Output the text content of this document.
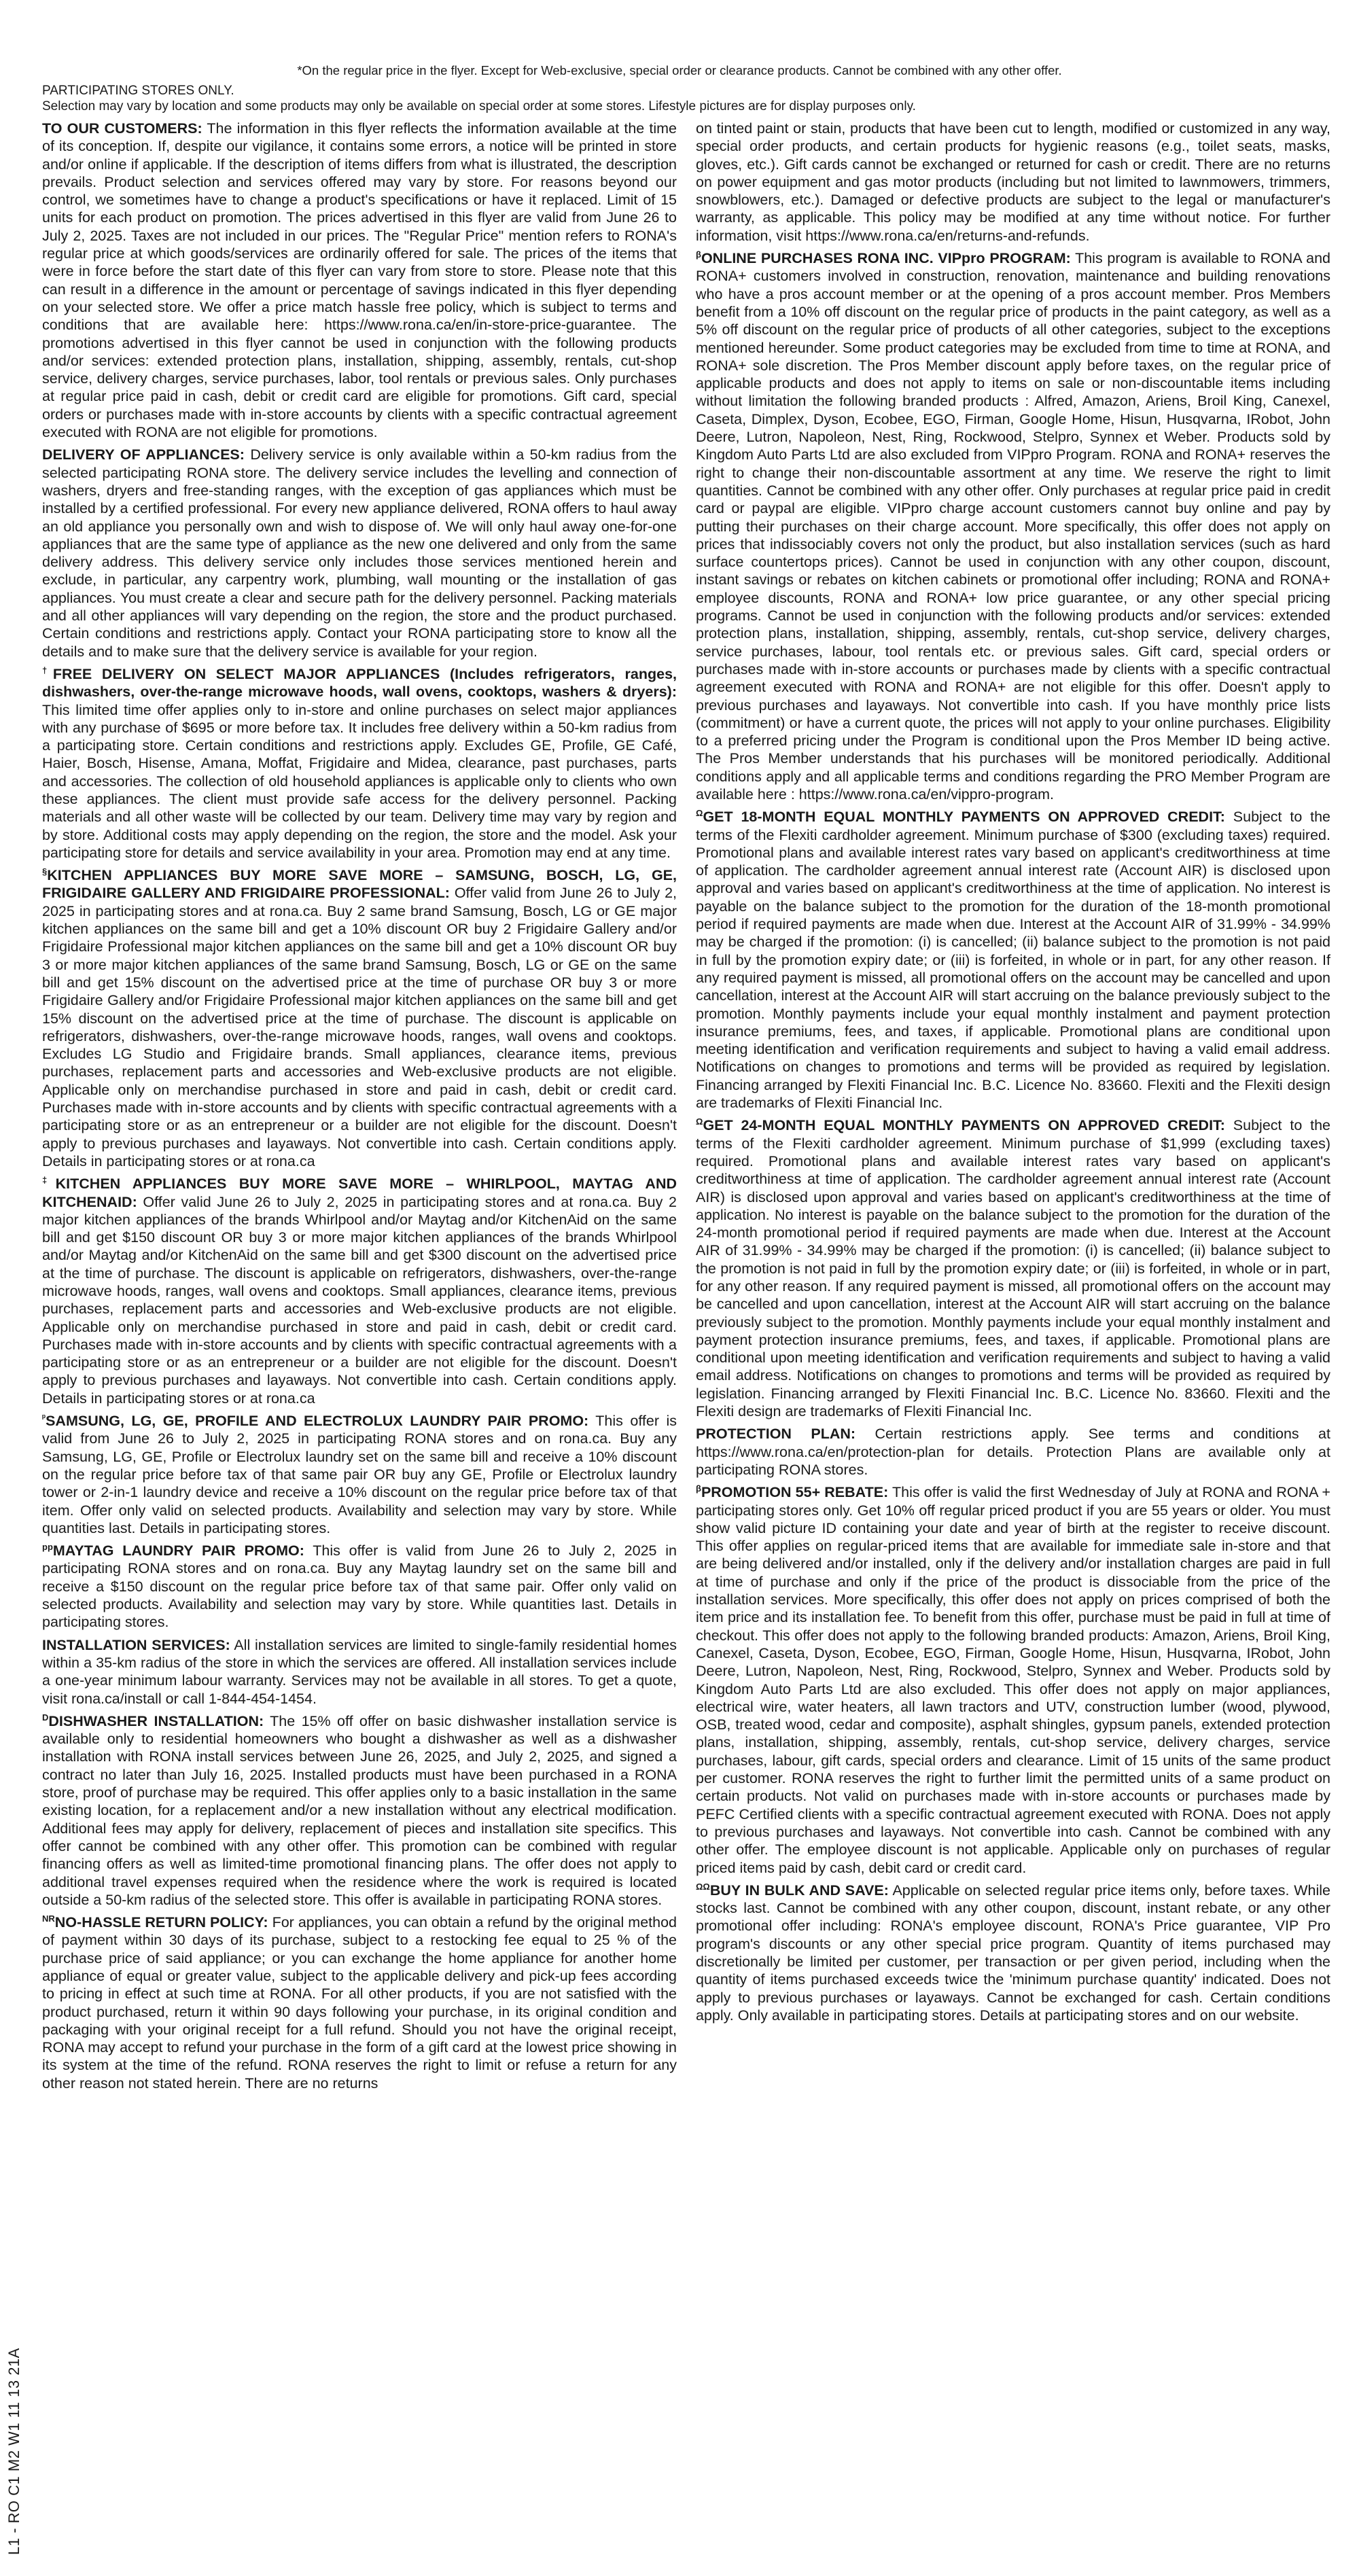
*On the regular price in the flyer. Except for Web-exclusive, special order or clearance products. Cannot be combined with any other offer.

PARTICIPATING STORES ONLY.

Selection may vary by location and some products may only be available on special order at some stores. Lifestyle pictures are for display purposes only.

TO OUR CUSTOMERS: The information in this flyer reflects the information available at the time of its conception. If, despite our vigilance, it contains some errors, a notice will be printed in store and/or online if applicable. If the description of items differs from what is illustrated, the description prevails. Product selection and services offered may vary by store. For reasons beyond our control, we sometimes have to change a product's specifications or have it replaced. Limit of 15 units for each product on promotion. The prices advertised in this flyer are valid from June 26 to July 2, 2025. Taxes are not included in our prices. The "Regular Price" mention refers to RONA's regular price at which goods/services are ordinarily offered for sale. The prices of the items that were in force before the start date of this flyer can vary from store to store. Please note that this can result in a difference in the amount or percentage of savings indicated in this flyer depending on your selected store. We offer a price match hassle free policy, which is subject to terms and conditions that are available here: https://www.rona.ca/en/in-store-price-guarantee. The promotions advertised in this flyer cannot be used in conjunction with the following products and/or services: extended protection plans, installation, shipping, assembly, rentals, cut-shop service, delivery charges, service purchases, labor, tool rentals or previous sales. Only purchases at regular price paid in cash, debit or credit card are eligible for promotions. Gift card, special orders or purchases made with in-store accounts by clients with a specific contractual agreement executed with RONA are not eligible for promotions.

DELIVERY OF APPLIANCES: Delivery service is only available within a 50-km radius from the selected participating RONA store. The delivery service includes the levelling and connection of washers, dryers and free-standing ranges, with the exception of gas appliances which must be installed by a certified professional. For every new appliance delivered, RONA offers to haul away an old appliance you personally own and wish to dispose of. We will only haul away one-for-one appliances that are the same type of appliance as the new one delivered and only from the same delivery address. This delivery service only includes those services mentioned herein and exclude, in particular, any carpentry work, plumbing, wall mounting or the installation of gas appliances. You must create a clear and secure path for the delivery personnel. Packing materials and all other appliances will vary depending on the region, the store and the product purchased. Certain conditions and restrictions apply. Contact your RONA participating store to know all the details and to make sure that the delivery service is available for your region.

†FREE DELIVERY ON SELECT MAJOR APPLIANCES (Includes refrigerators, ranges, dishwashers, over-the-range microwave hoods, wall ovens, cooktops, washers & dryers): This limited time offer applies only to in-store and online purchases on select major appliances with any purchase of $695 or more before tax. It includes free delivery within a 50-km radius from a participating store. Certain conditions and restrictions apply. Excludes GE, Profile, GE Café, Haier, Bosch, Hisense, Amana, Moffat, Frigidaire and Midea, clearance, past purchases, parts and accessories. The collection of old household appliances is applicable only to clients who own these appliances. The client must provide safe access for the delivery personnel. Packing materials and all other waste will be collected by our team. Delivery time may vary by region and by store. Additional costs may apply depending on the region, the store and the model. Ask your participating store for details and service availability in your area. Promotion may end at any time.

§KITCHEN APPLIANCES BUY MORE SAVE MORE – SAMSUNG, BOSCH, LG, GE, FRIGIDAIRE GALLERY AND FRIGIDAIRE PROFESSIONAL: Offer valid from June 26 to July 2, 2025 in participating stores and at rona.ca. Buy 2 same brand Samsung, Bosch, LG or GE major kitchen appliances on the same bill and get a 10% discount OR buy 2 Frigidaire Gallery and/or Frigidaire Professional major kitchen appliances on the same bill and get a 10% discount OR buy 3 or more major kitchen appliances of the same brand Samsung, Bosch, LG or GE on the same bill and get 15% discount on the advertised price at the time of purchase OR buy 3 or more Frigidaire Gallery and/or Frigidaire Professional major kitchen appliances on the same bill and get 15% discount on the advertised price at the time of purchase. The discount is applicable on refrigerators, dishwashers, over-the-range microwave hoods, ranges, wall ovens and cooktops. Excludes LG Studio and Frigidaire brands. Small appliances, clearance items, previous purchases, replacement parts and accessories and Web-exclusive products are not eligible. Applicable only on merchandise purchased in store and paid in cash, debit or credit card. Purchases made with in-store accounts and by clients with specific contractual agreements with a participating store or as an entrepreneur or a builder are not eligible for the discount. Doesn't apply to previous purchases and layaways. Not convertible into cash. Certain conditions apply. Details in participating stores or at rona.ca

‡KITCHEN APPLIANCES BUY MORE SAVE MORE – WHIRLPOOL, MAYTAG AND KITCHENAID: Offer valid June 26 to July 2, 2025 in participating stores and at rona.ca. Buy 2 major kitchen appliances of the brands Whirlpool and/or Maytag and/or KitchenAid on the same bill and get $150 discount OR buy 3 or more major kitchen appliances of the brands Whirlpool and/or Maytag and/or KitchenAid on the same bill and get $300 discount on the advertised price at the time of purchase. The discount is applicable on refrigerators, dishwashers, over-the-range microwave hoods, ranges, wall ovens and cooktops. Small appliances, clearance items, previous purchases, replacement parts and accessories and Web-exclusive products are not eligible. Applicable only on merchandise purchased in store and paid in cash, debit or credit card. Purchases made with in-store accounts and by clients with specific contractual agreements with a participating store or as an entrepreneur or a builder are not eligible for the discount. Doesn't apply to previous purchases and layaways. Not convertible into cash. Certain conditions apply. Details in participating stores or at rona.ca

$^ᵖ$SAMSUNG, LG, GE, PROFILE AND ELECTROLUX LAUNDRY PAIR PROMO: This offer is valid from June 26 to July 2, 2025 in participating RONA stores and on rona.ca. Buy any Samsung, LG, GE, Profile or Electrolux laundry set on the same bill and receive a 10% discount on the regular price before tax of that same pair OR buy any GE, Profile or Electrolux laundry tower or 2-in-1 laundry device and receive a 10% discount on the regular price before tax of that item. Offer only valid on selected products. Availability and selection may vary by store. While quantities last. Details in participating stores.

$^{pp}$MAYTAG LAUNDRY PAIR PROMO: This offer is valid from June 26 to July 2, 2025 in participating RONA stores and on rona.ca. Buy any Maytag laundry set on the same bill and receive a $150 discount on the regular price before tax of that same pair. Offer only valid on selected products. Availability and selection may vary by store. While quantities last. Details in participating stores.

INSTALLATION SERVICES: All installation services are limited to single-family residential homes within a 35-km radius of the store in which the services are offered. All installation services include a one-year minimum labour warranty. Services may not be available in all stores. To get a quote, visit rona.ca/install or call 1-844-454-1454.

$^D$DISHWASHER INSTALLATION: The 15% off offer on basic dishwasher installation service is available only to residential homeowners who bought a dishwasher as well as a dishwasher installation with RONA install services between June 26, 2025, and July 2, 2025, and signed a contract no later than July 16, 2025. Installed products must have been purchased in a RONA store, proof of purchase may be required. This offer applies only to a basic installation in the same existing location, for a replacement and/or a new installation without any electrical modification. Additional fees may apply for delivery, replacement of pieces and installation site specifics. This offer cannot be combined with any other offer. This promotion can be combined with regular financing offers as well as limited-time promotional financing plans. The offer does not apply to additional travel expenses required when the residence where the work is required is located outside a 50-km radius of the selected store. This offer is available in participating RONA stores.

$^{NR}$NO-HASSLE RETURN POLICY: For appliances, you can obtain a refund by the original method of payment within 30 days of its purchase, subject to a restocking fee equal to 25 % of the purchase price of said appliance; or you can exchange the home appliance for another home appliance of equal or greater value, subject to the applicable delivery and pick-up fees according to pricing in effect at such time at RONA. For all other products, if you are not satisfied with the product purchased, return it within 90 days following your purchase, in its original condition and packaging with your original receipt for a full refund. Should you not have the original receipt, RONA may accept to refund your purchase in the form of a gift card at the lowest price showing in its system at the time of the refund. RONA reserves the right to limit or refuse a return for any other reason not stated herein. There are no returns

on tinted paint or stain, products that have been cut to length, modified or customized in any way, special order products, and certain products for hygienic reasons (e.g., toilet seats, masks, gloves, etc.). Gift cards cannot be exchanged or returned for cash or credit. There are no returns on power equipment and gas motor products (including but not limited to lawnmowers, trimmers, snowblowers, etc.). Damaged or defective products are subject to the legal or manufacturer's warranty, as applicable. This policy may be modified at any time without notice. For further information, visit https://www.rona.ca/en/returns-and-refunds.

$^\beta$ONLINE PURCHASES RONA INC. VIPpro PROGRAM: This program is available to RONA and RONA+ customers involved in construction, renovation, maintenance and building renovations who have a pros account member or at the opening of a pros account member. Pros Members benefit from a 10% off discount on the regular price of products in the paint category, as well as a 5% off discount on the regular price of products of all other categories, subject to the exceptions mentioned hereunder. Some product categories may be excluded from time to time at RONA, and RONA+ sole discretion. The Pros Member discount apply before taxes, on the regular price of applicable products and does not apply to items on sale or non-discountable items including without limitation the following branded products : Alfred, Amazon, Ariens, Broil King, Canexel, Caseta, Dimplex, Dyson, Ecobee, EGO, Firman, Google Home, Hisun, Husqvarna, IRobot, John Deere, Lutron, Napoleon, Nest, Ring, Rockwood, Stelpro, Synnex et Weber. Products sold by Kingdom Auto Parts Ltd are also excluded from VIPpro Program. RONA and RONA+ reserves the right to change their non-discountable assortment at any time. We reserve the right to limit quantities. Cannot be combined with any other offer. Only purchases at regular price paid in credit card or paypal are eligible. VIPpro charge account customers cannot buy online and pay by putting their purchases on their charge account. More specifically, this offer does not apply on prices that indissociably covers not only the product, but also installation services (such as hard surface countertops prices). Cannot be used in conjunction with any other coupon, discount, instant savings or rebates on kitchen cabinets or promotional offer including; RONA and RONA+ employee discounts, RONA and RONA+ low price guarantee, or any other special pricing programs. Cannot be used in conjunction with the following products and/or services: extended protection plans, installation, shipping, assembly, rentals, cut-shop service, delivery charges, service purchases, labour, tool rentals etc. or previous sales. Gift card, special orders or purchases made with in-store accounts or purchases made by clients with a specific contractual agreement executed with RONA and RONA+ are not eligible for this offer. Doesn't apply to previous purchases and layaways. Not convertible into cash. If you have monthly price lists (commitment) or have a current quote, the prices will not apply to your online purchases. Eligibility to a preferred pricing under the Program is conditional upon the Pros Member ID being active. The Pros Member understands that his purchases will be monitored periodically. Additional conditions apply and all applicable terms and conditions regarding the PRO Member Program are available here : https://www.rona.ca/en/vippro-program.

$^\Omega$GET 18-MONTH EQUAL MONTHLY PAYMENTS ON APPROVED CREDIT: Subject to the terms of the Flexiti cardholder agreement. Minimum purchase of $300 (excluding taxes) required. Promotional plans and available interest rates vary based on applicant's creditworthiness at time of application. The cardholder agreement annual interest rate (Account AIR) is disclosed upon approval and varies based on applicant's creditworthiness at the time of application. No interest is payable on the balance subject to the promotion for the duration of the 18-month promotional period if required payments are made when due. Interest at the Account AIR of 31.99% - 34.99% may be charged if the promotion: (i) is cancelled; (ii) balance subject to the promotion is not paid in full by the promotion expiry date; or (iii) is forfeited, in whole or in part, for any other reason. If any required payment is missed, all promotional offers on the account may be cancelled and upon cancellation, interest at the Account AIR will start accruing on the balance previously subject to the promotion. Monthly payments include your equal monthly instalment and payment protection insurance premiums, fees, and taxes, if applicable. Promotional plans are conditional upon meeting identification and verification requirements and subject to having a valid email address. Notifications on changes to promotions and terms will be provided as required by legislation. Financing arranged by Flexiti Financial Inc. B.C. Licence No. 83660. Flexiti and the Flexiti design are trademarks of Flexiti Financial Inc.

$^\Omega$GET 24-MONTH EQUAL MONTHLY PAYMENTS ON APPROVED CREDIT: Subject to the terms of the Flexiti cardholder agreement. Minimum purchase of $1,999 (excluding taxes) required. Promotional plans and available interest rates vary based on applicant's creditworthiness at time of application. The cardholder agreement annual interest rate (Account AIR) is disclosed upon approval and varies based on applicant's creditworthiness at the time of application. No interest is payable on the balance subject to the promotion for the duration of the 24-month promotional period if required payments are made when due. Interest at the Account AIR of 31.99% - 34.99% may be charged if the promotion: (i) is cancelled; (ii) balance subject to the promotion is not paid in full by the promotion expiry date; or (iii) is forfeited, in whole or in part, for any other reason. If any required payment is missed, all promotional offers on the account may be cancelled and upon cancellation, interest at the Account AIR will start accruing on the balance previously subject to the promotion. Monthly payments include your equal monthly instalment and payment protection insurance premiums, fees, and taxes, if applicable. Promotional plans are conditional upon meeting identification and verification requirements and subject to having a valid email address. Notifications on changes to promotions and terms will be provided as required by legislation. Financing arranged by Flexiti Financial Inc. B.C. Licence No. 83660. Flexiti and the Flexiti design are trademarks of Flexiti Financial Inc.

PROTECTION PLAN: Certain restrictions apply. See terms and conditions at https://www.rona.ca/en/protection-plan for details. Protection Plans are available only at participating RONA stores.

$^\beta$PROMOTION 55+ REBATE: This offer is valid the first Wednesday of July at RONA and RONA + participating stores only. Get 10% off regular priced product if you are 55 years or older. You must show valid picture ID containing your date and year of birth at the register to receive discount. This offer applies on regular-priced items that are available for immediate sale in-store and that are being delivered and/or installed, only if the delivery and/or installation charges are paid in full at time of purchase and only if the price of the product is dissociable from the price of the installation services. More specifically, this offer does not apply on prices comprised of both the item price and its installation fee. To benefit from this offer, purchase must be paid in full at time of checkout. This offer does not apply to the following branded products: Amazon, Ariens, Broil King, Canexel, Caseta, Dyson, Ecobee, EGO, Firman, Google Home, Hisun, Husqvarna, IRobot, John Deere, Lutron, Napoleon, Nest, Ring, Rockwood, Stelpro, Synnex and Weber. Products sold by Kingdom Auto Parts Ltd are also excluded. This offer does not apply on major appliances, electrical wire, water heaters, all lawn tractors and UTV, construction lumber (wood, plywood, OSB, treated wood, cedar and composite), asphalt shingles, gypsum panels, extended protection plans, installation, shipping, assembly, rentals, cut-shop service, delivery charges, service purchases, labour, gift cards, special orders and clearance. Limit of 15 units of the same product per customer. RONA reserves the right to further limit the permitted units of a same product on certain products. Not valid on purchases made with in-store accounts or purchases made by PEFC Certified clients with a specific contractual agreement executed with RONA. Does not apply to previous purchases and layaways. Not convertible into cash. Cannot be combined with any other offer. The employee discount is not applicable. Applicable only on purchases of regular priced items paid by cash, debit card or credit card.

$^{\Omega\Omega}$BUY IN BULK AND SAVE: Applicable on selected regular price items only, before taxes. While stocks last. Cannot be combined with any other coupon, discount, instant rebate, or any other promotional offer including: RONA's employee discount, RONA's Price guarantee, VIP Pro program's discounts or any other special price program. Quantity of items purchased may discretionally be limited per customer, per transaction or per given period, including when the quantity of items purchased exceeds twice the 'minimum purchase quantity' indicated. Does not apply to previous purchases or layaways. Cannot be exchanged for cash. Certain conditions apply. Only available in participating stores. Details at participating stores and on our website.

L1 - RO C1 M2 W1 11 13 21A
